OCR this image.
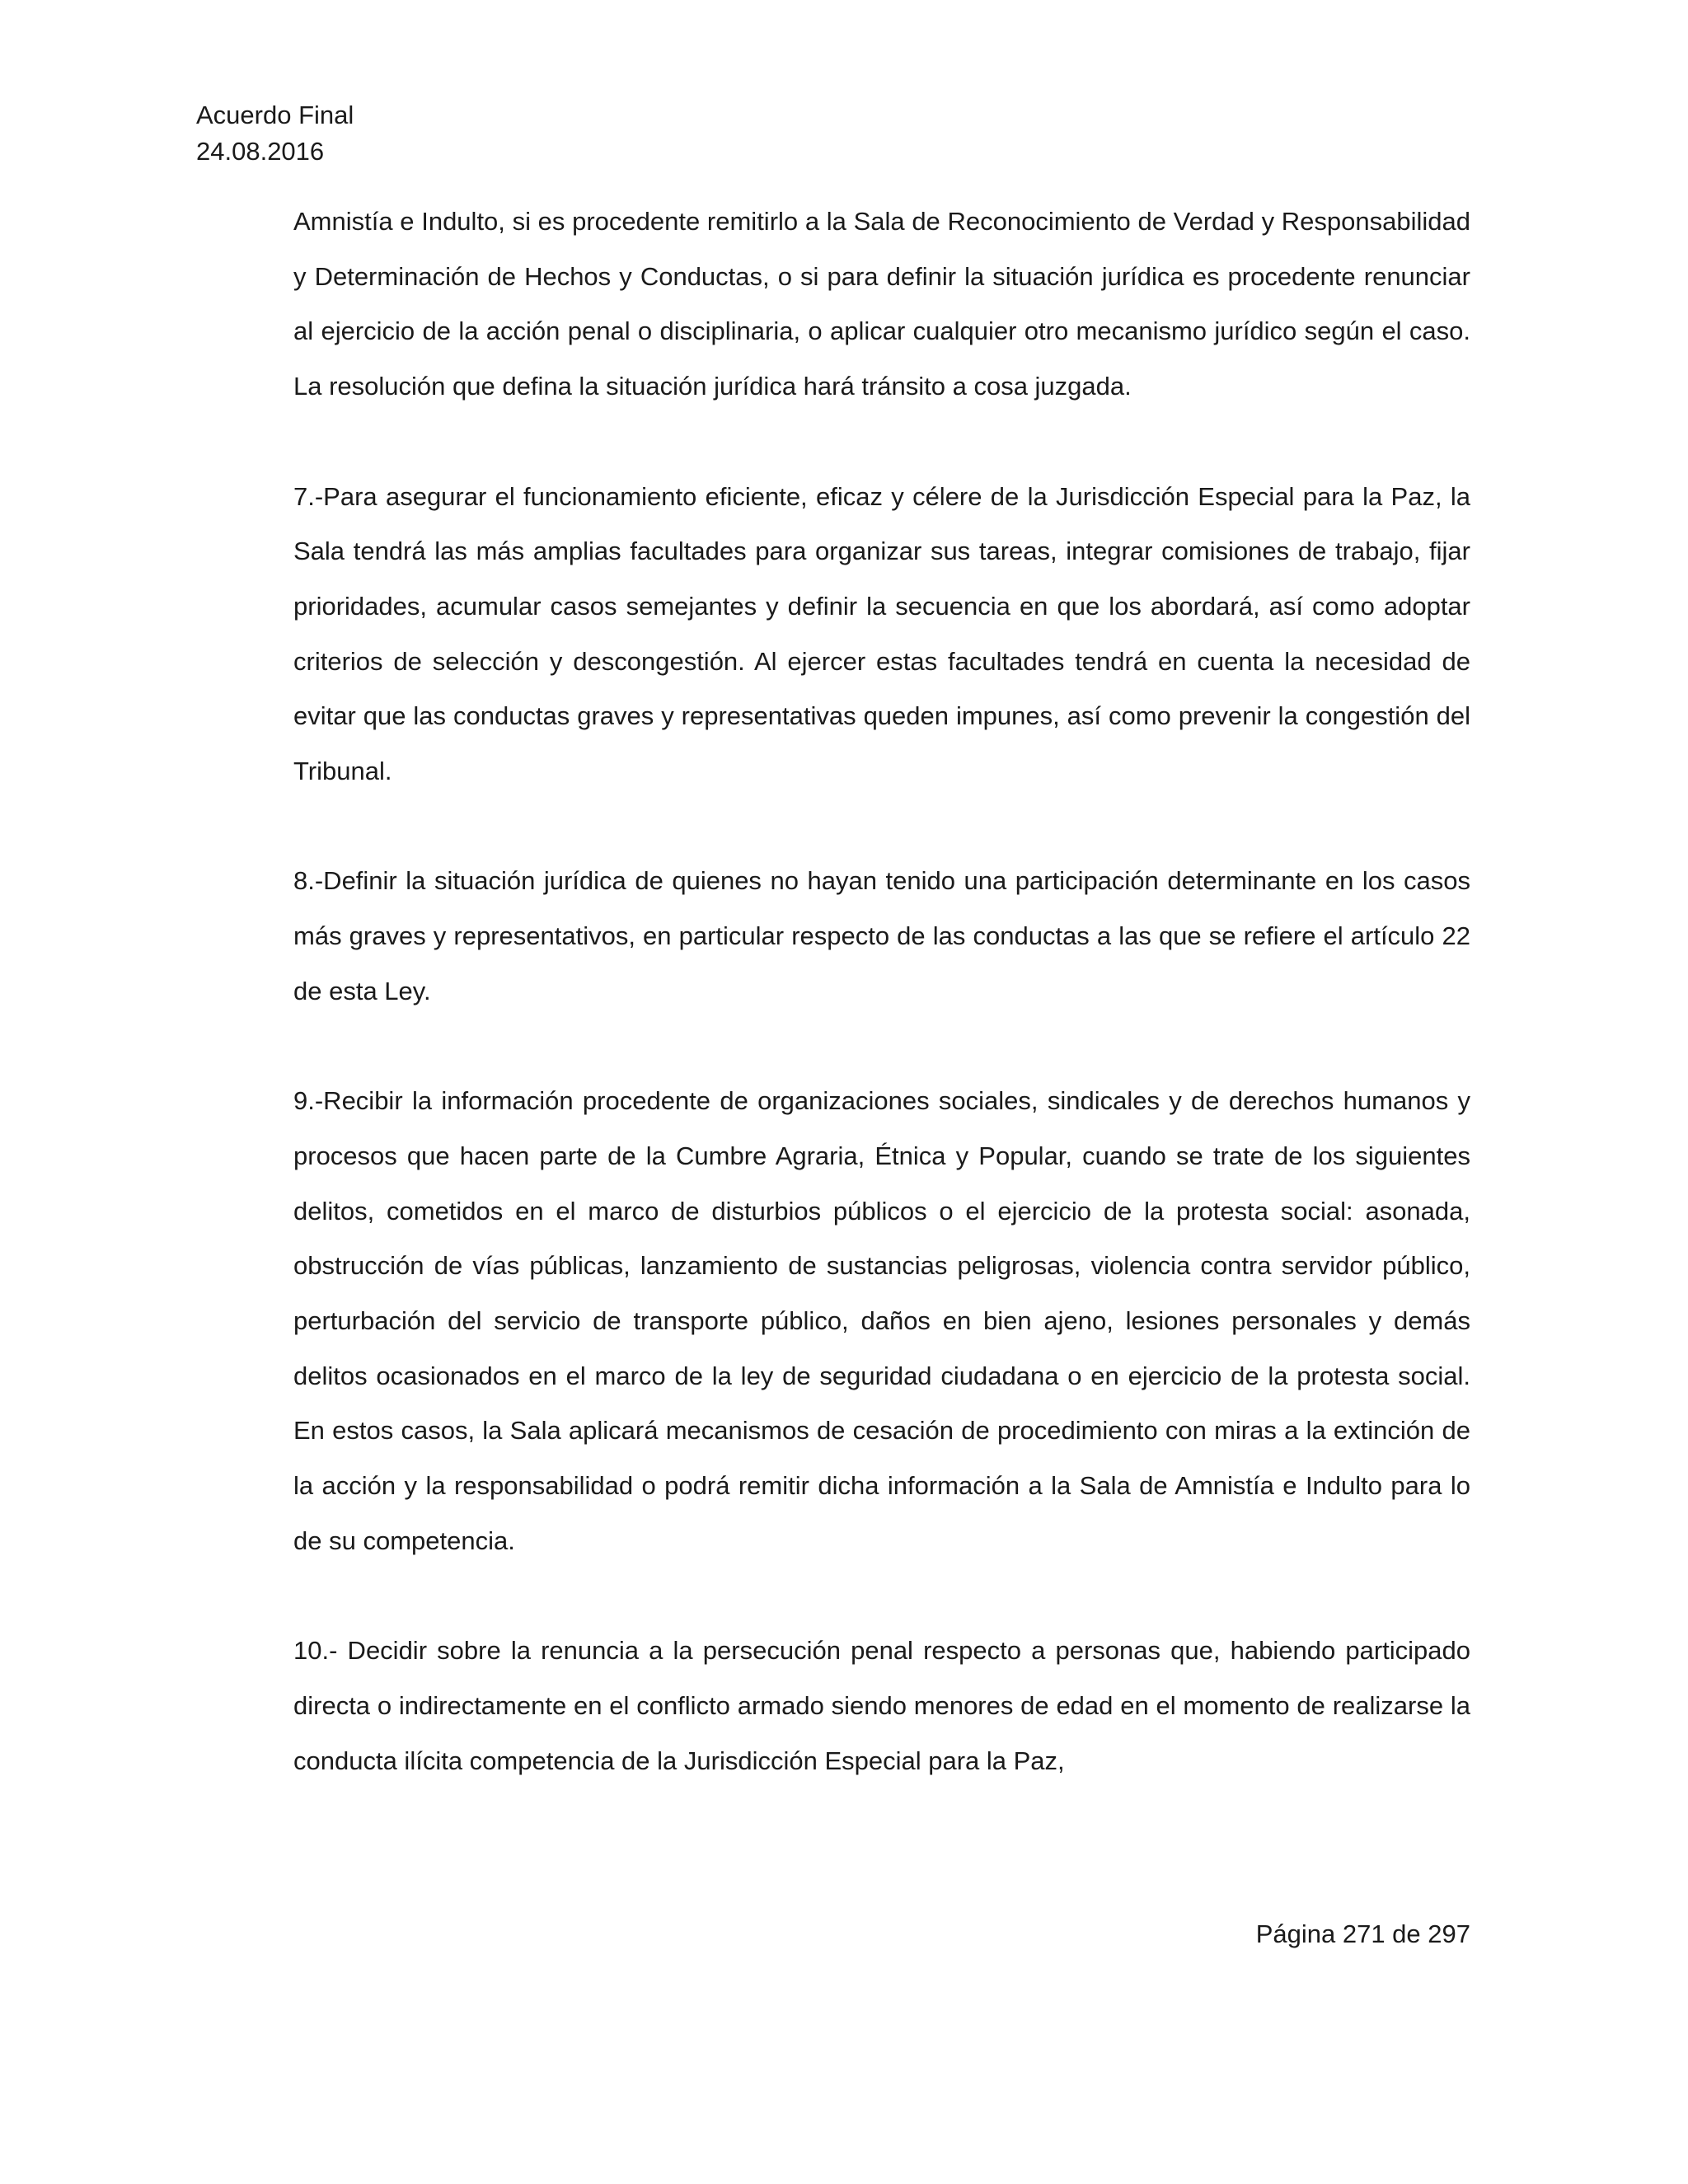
Acuerdo Final
24.08.2016

Amnistía e Indulto, si es procedente remitirlo a la Sala de Reconocimiento de Verdad y Responsabilidad y Determinación de Hechos y Conductas, o si para definir la situación jurídica es procedente renunciar al ejercicio de la acción penal o disciplinaria, o aplicar cualquier otro mecanismo jurídico según el caso. La resolución que defina la situación jurídica hará tránsito a cosa juzgada.

7.-Para asegurar el funcionamiento eficiente, eficaz y célere de la Jurisdicción Especial para la Paz, la Sala tendrá las más amplias facultades para organizar sus tareas, integrar comisiones de trabajo, fijar prioridades, acumular casos semejantes y definir la secuencia en que los abordará, así como adoptar criterios de selección y descongestión. Al ejercer estas facultades tendrá en cuenta la necesidad de evitar que las conductas graves y representativas queden impunes, así como prevenir la congestión del Tribunal.

8.-Definir la situación jurídica de quienes no hayan tenido una participación determinante en los casos más graves y representativos, en particular respecto de las conductas a las que se refiere el artículo 22 de esta Ley.

9.-Recibir la información procedente de organizaciones sociales, sindicales y de derechos humanos y procesos que hacen parte de la Cumbre Agraria, Étnica y Popular, cuando se trate de los siguientes delitos, cometidos en el marco de disturbios públicos o el ejercicio de la protesta social: asonada, obstrucción de vías públicas, lanzamiento de sustancias peligrosas, violencia contra servidor público, perturbación del servicio de transporte público, daños en bien ajeno, lesiones personales y demás delitos ocasionados en el marco de la ley de seguridad ciudadana o en ejercicio de la protesta social. En estos casos, la Sala aplicará mecanismos de cesación de procedimiento con miras a la extinción de la acción y la responsabilidad o podrá remitir dicha información a la Sala de Amnistía e Indulto para lo de su competencia.

10.- Decidir sobre la renuncia a la persecución penal respecto a personas que, habiendo participado directa o indirectamente en el conflicto armado siendo menores de edad en el momento de realizarse la conducta ilícita competencia de la Jurisdicción Especial para la Paz,

Página 271 de 297
